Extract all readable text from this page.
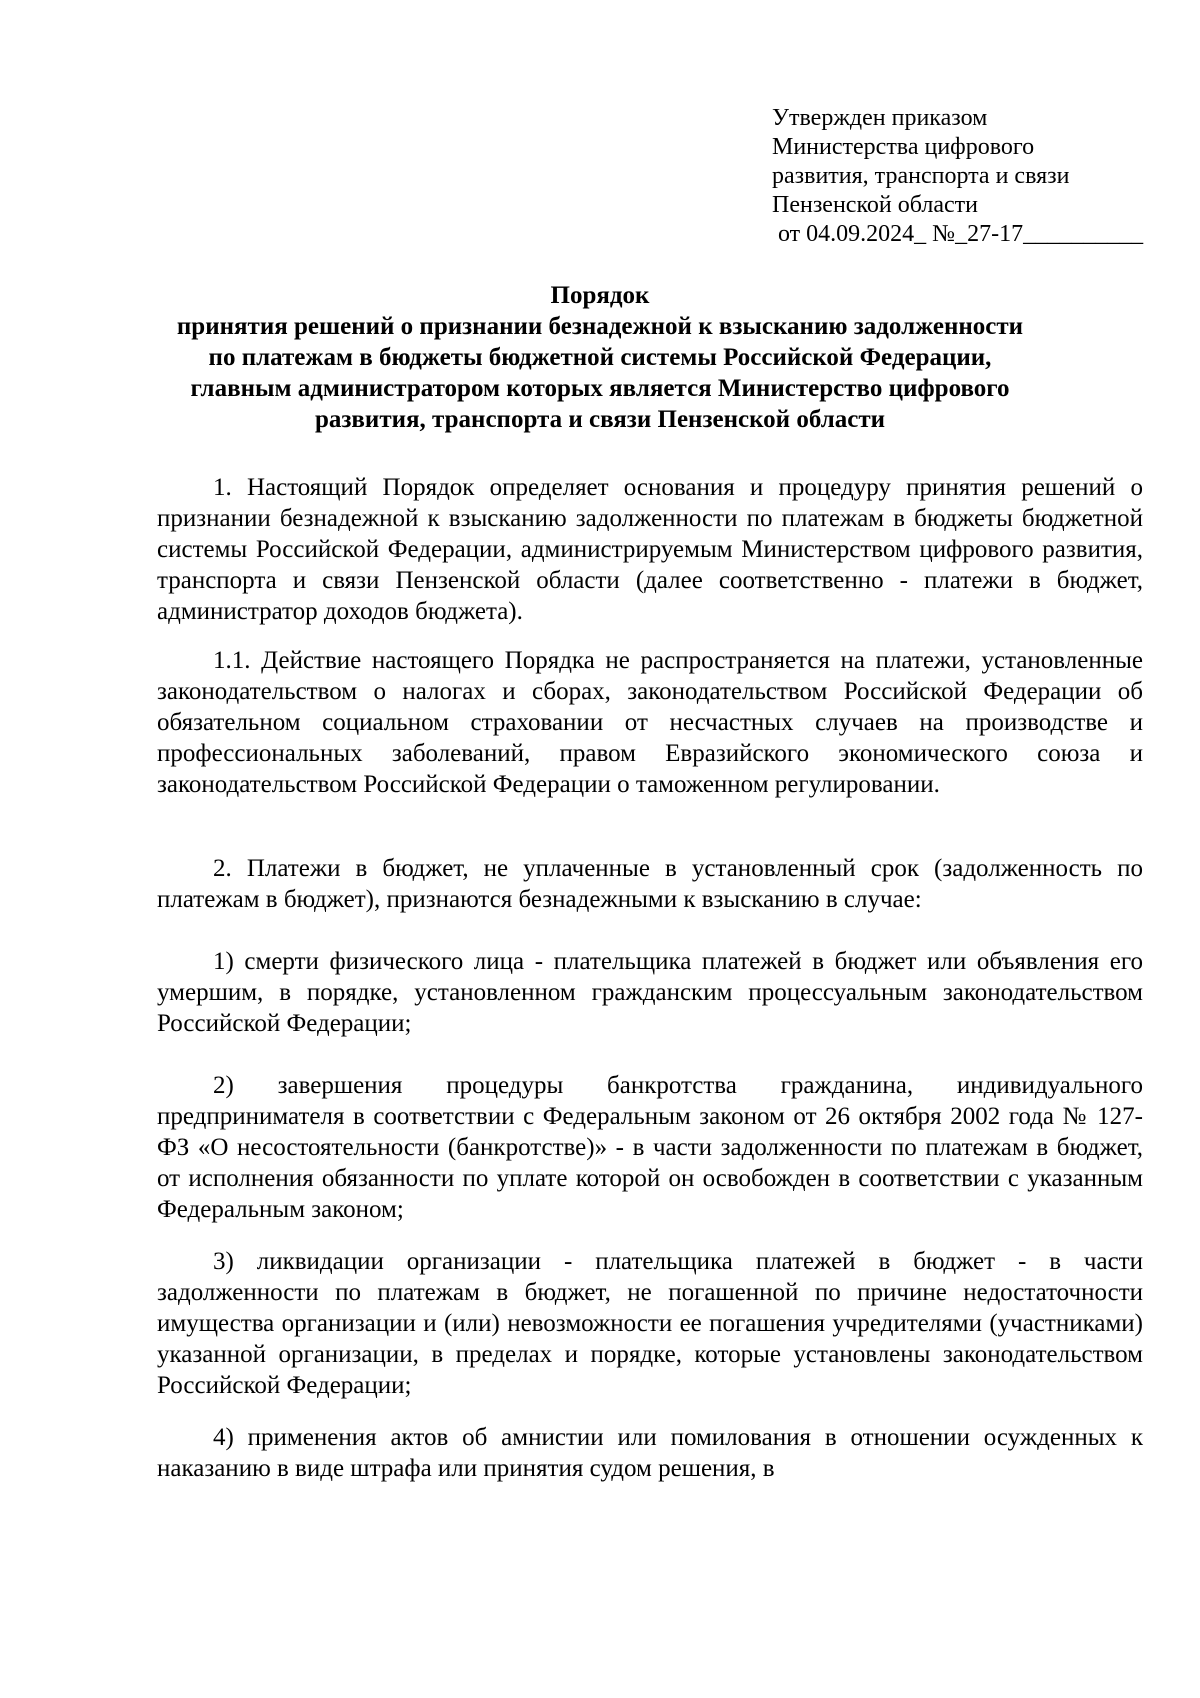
Утвержден приказом
Министерства цифрового
развития, транспорта и связи
Пензенской области
от 04.09.2024_ №_27-17__________
Порядок
принятия решений о признании безнадежной к взысканию задолженности
по платежам в бюджеты бюджетной системы Российской Федерации,
главным администратором которых является Министерство цифрового
развития, транспорта и связи Пензенской области

1. Настоящий Порядок определяет основания и процедуру принятия решений о признании безнадежной к взысканию задолженности по платежам в бюджеты бюджетной системы Российской Федерации, администрируемым Министерством цифрового развития, транспорта и связи Пензенской области (далее соответственно - платежи в бюджет, администратор доходов бюджета).

1.1. Действие настоящего Порядка не распространяется на платежи, установленные законодательством о налогах и сборах, законодательством Российской Федерации об обязательном социальном страховании от несчастных случаев на производстве и профессиональных заболеваний, правом Евразийского экономического союза и законодательством Российской Федерации о таможенном регулировании.

2. Платежи в бюджет, не уплаченные в установленный срок (задолженность по платежам в бюджет), признаются безнадежными к взысканию в случае:

1) смерти физического лица - плательщика платежей в бюджет или объявления его умершим, в порядке, установленном гражданским процессуальным законодательством Российской Федерации;

2) завершения процедуры банкротства гражданина, индивидуального предпринимателя в соответствии с Федеральным законом от 26 октября 2002 года № 127-ФЗ «О несостоятельности (банкротстве)» - в части задолженности по платежам в бюджет, от исполнения обязанности по уплате которой он освобожден в соответствии с указанным Федеральным законом;

3) ликвидации организации - плательщика платежей в бюджет - в части задолженности по платежам в бюджет, не погашенной по причине недостаточности имущества организации и (или) невозможности ее погашения учредителями (участниками) указанной организации, в пределах и порядке, которые установлены законодательством Российской Федерации;

4) применения актов об амнистии или помилования в отношении осужденных к наказанию в виде штрафа или принятия судом решения, в
